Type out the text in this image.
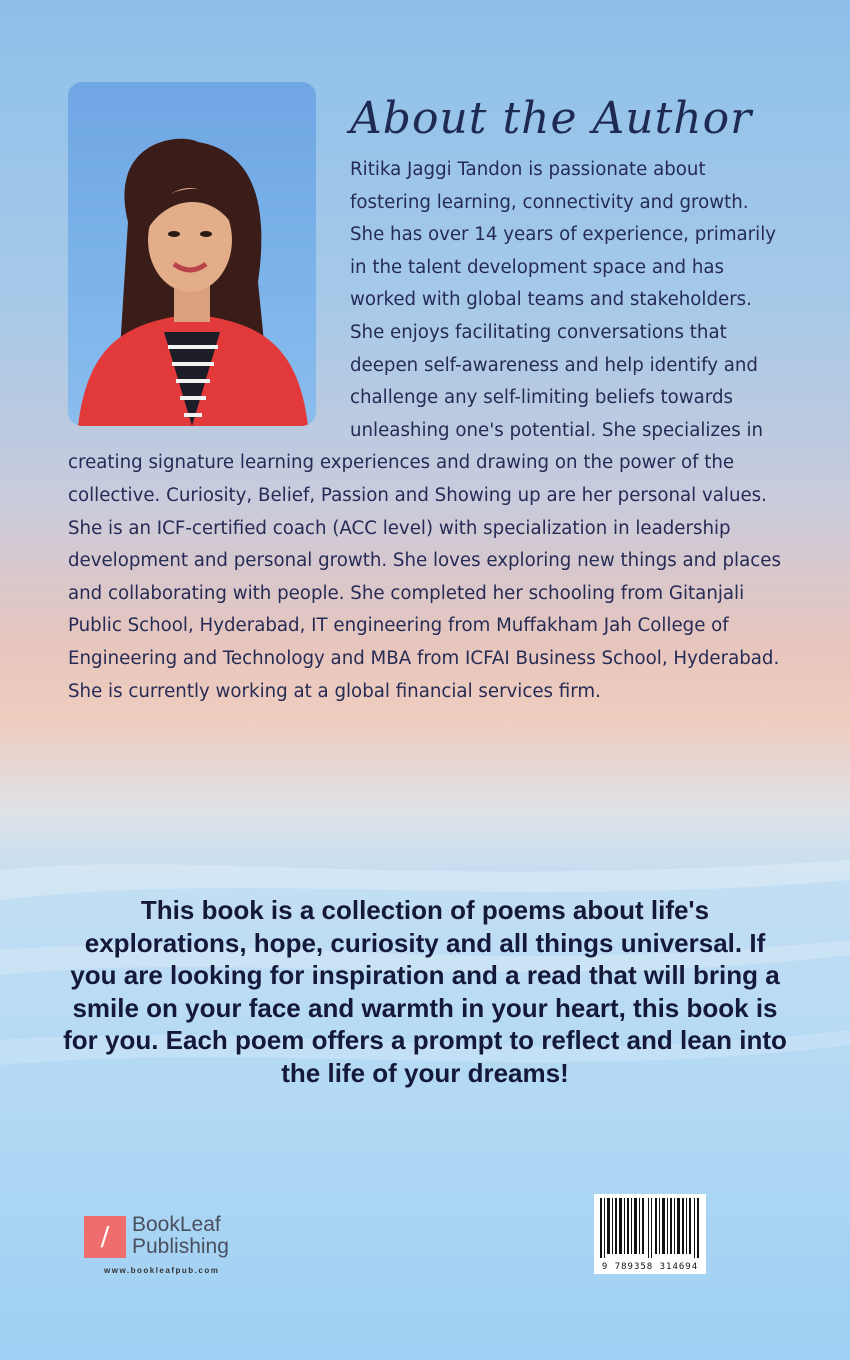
About the Author

Ritika Jaggi Tandon is passionate about fostering learning, connectivity and growth. She has over 14 years of experience, primarily in the talent development space and has worked with global teams and stakeholders. She enjoys facilitating conversations that deepen self-awareness and help identify and challenge any self-limiting beliefs towards unleashing one's potential. She specializes in creating signature learning experiences and drawing on the power of the collective. Curiosity, Belief, Passion and Showing up are her personal values.

She is an ICF-certified coach (ACC level) with specialization in leadership development and personal growth. She loves exploring new things and places and collaborating with people. She completed her schooling from Gitanjali Public School, Hyderabad, IT engineering from Muffakham Jah College of Engineering and Technology and MBA from ICFAI Business School, Hyderabad. She is currently working at a global financial services firm.

This book is a collection of poems about life's explorations, hope, curiosity and all things universal. If you are looking for inspiration and a read that will bring a smile on your face and warmth in your heart, this book is for you. Each poem offers a prompt to reflect and lean into the life of your dreams!

/	BookLeaf
Publishing
www.bookleafpub.com	9 789358 314694
